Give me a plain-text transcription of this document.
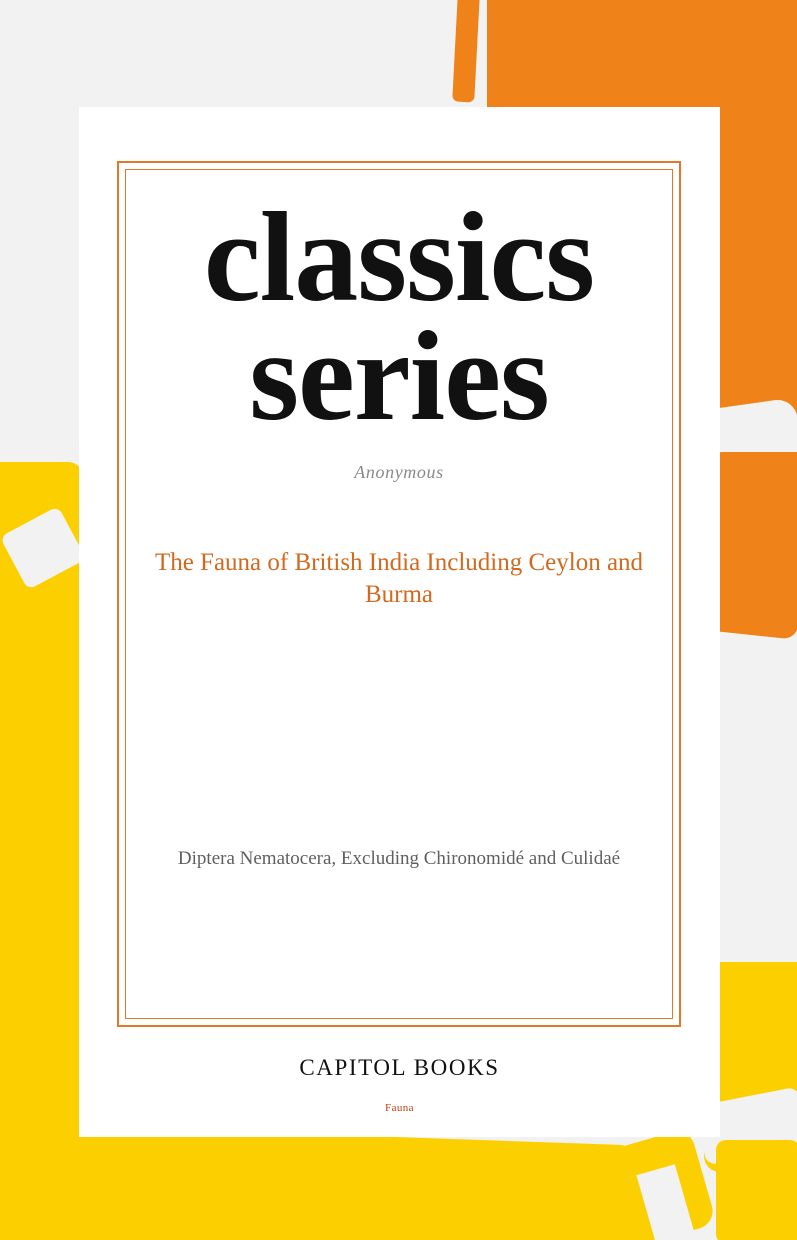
classics
series
Anonymous
The Fauna of British India Including Ceylon and Burma
Diptera Nematocera, Excluding Chironomidé and Culidaé
CAPITOL BOOKS
Fauna
